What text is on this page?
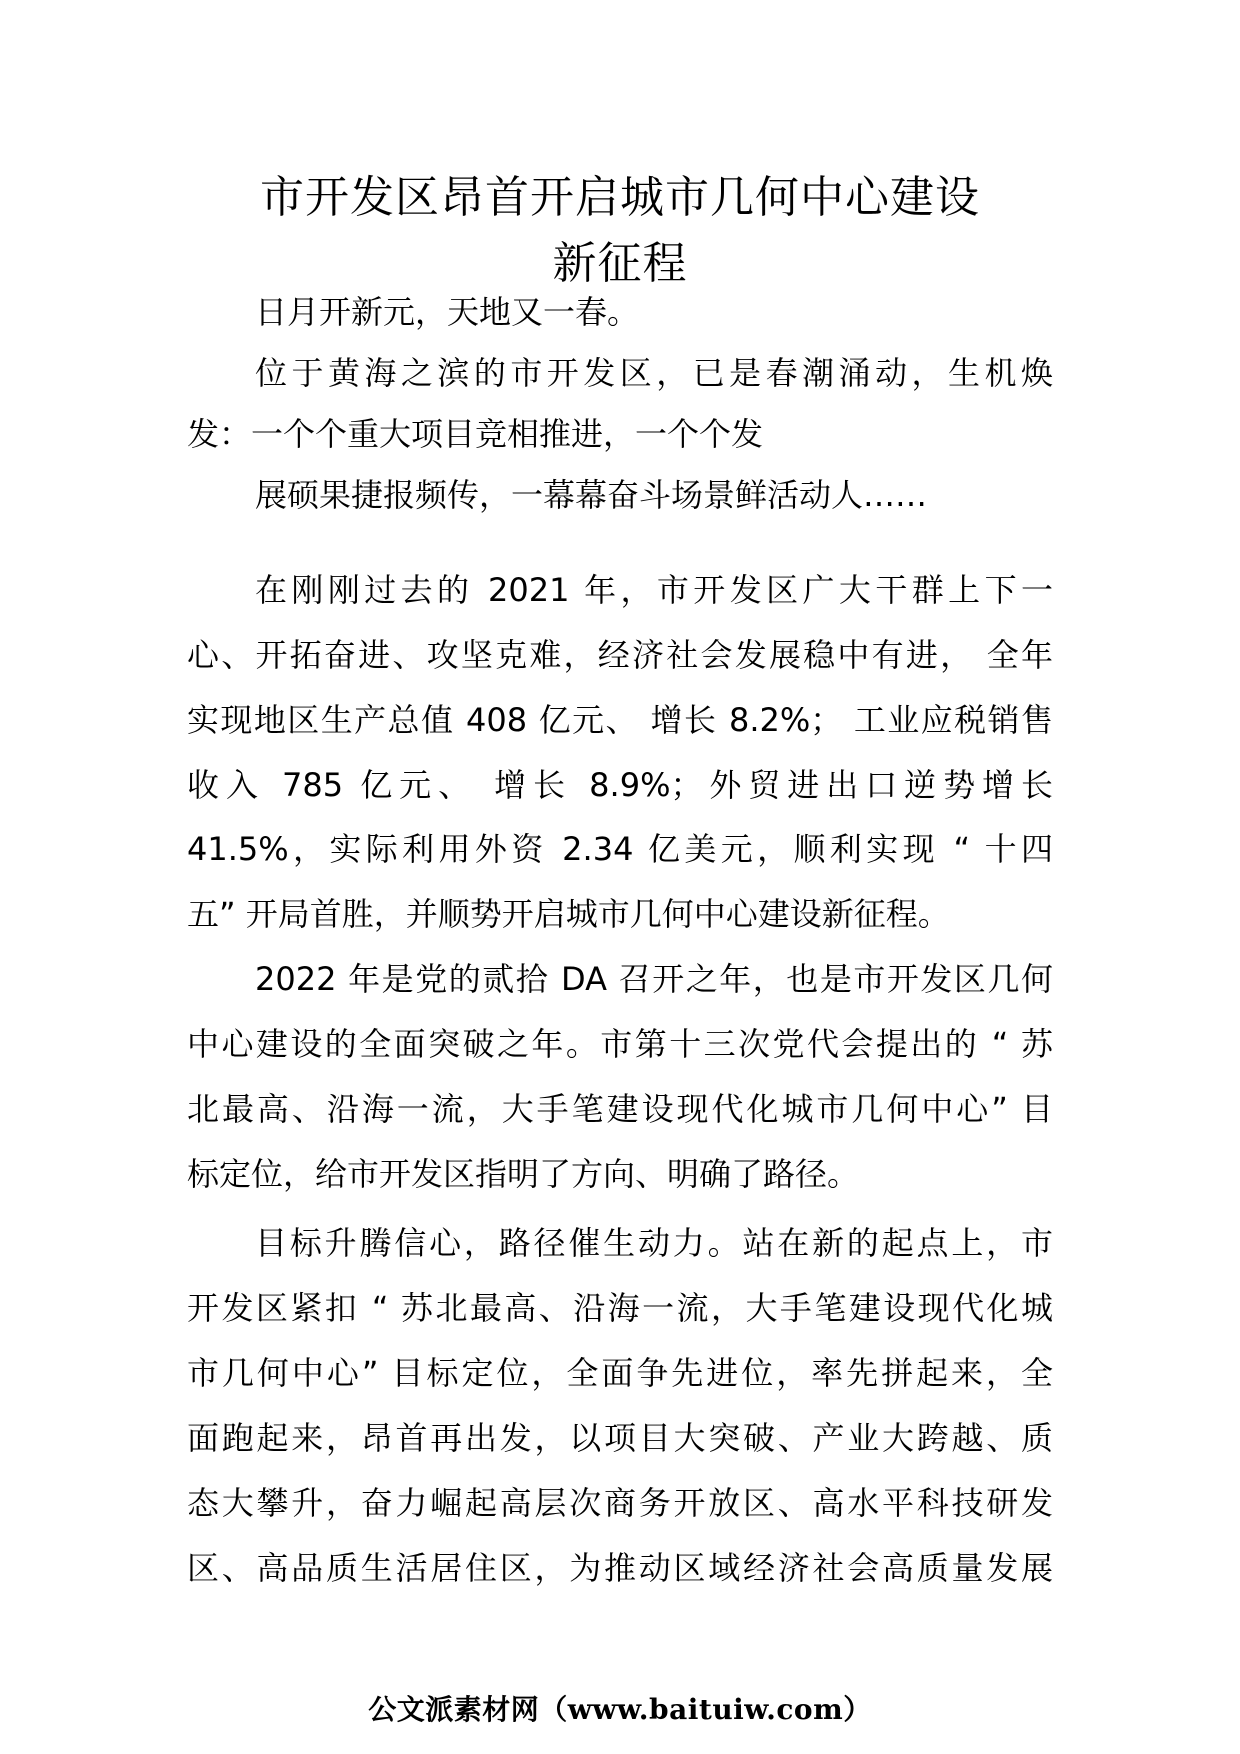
市开发区昂首开启城市几何中心建设
新征程

日月开新元，天地又一春。

位于黄海之滨的市开发区，已是春潮涌动，生机焕

发：一个个重大项目竞相推进，一个个发

展硕果捷报频传，一幕幕奋斗场景鲜活动人……

在刚刚过去的 2021 年，市开发区广大干群上下一

心、开拓奋进、攻坚克难，经济社会发展稳中有进， 全年

实现地区生产总值 408 亿元、 增长 8.2%； 工业应税销售

收入 785 亿元、 增长 8.9%；外贸进出口逆势增长

41.5%，实际利用外资 2.34 亿美元，顺利实现 “ 十四

五” 开局首胜，并顺势开启城市几何中心建设新征程。

2022 年是党的贰拾 DA 召开之年，也是市开发区几何

中心建设的全面突破之年。市第十三次党代会提出的 “ 苏

北最高、沿海一流，大手笔建设现代化城市几何中心” 目

标定位，给市开发区指明了方向、明确了路径。

目标升腾信心，路径催生动力。站在新的起点上，市

开发区紧扣 “ 苏北最高、沿海一流，大手笔建设现代化城

市几何中心” 目标定位，全面争先进位，率先拼起来，全

面跑起来，昂首再出发，以项目大突破、产业大跨越、质

态大攀升，奋力崛起高层次商务开放区、高水平科技研发

区、高品质生活居住区，为推动区域经济社会高质量发展

公文派素材网（www.baituiw.com）
